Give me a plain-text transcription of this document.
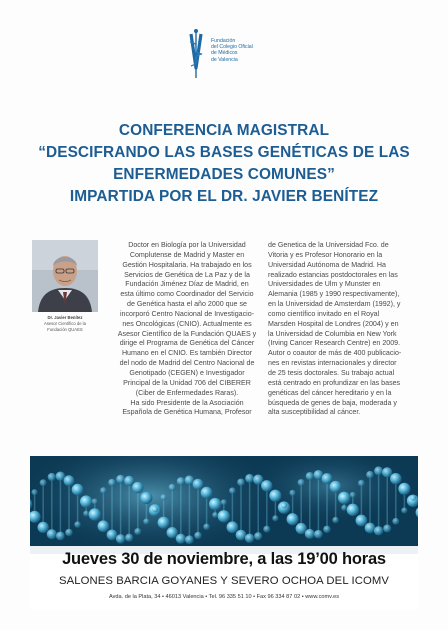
Fundación
del Colegio Oficial
de Médicos
de Valencia
CONFERENCIA MAGISTRAL
“DESCIFRANDO LAS BASES GENÉTICAS DE LAS
ENFERMEDADES COMUNES”
IMPARTIDA POR EL DR. JAVIER BENÍTEZ
Dr. Javier Benítez
Asesor Científico de la
Fundación QUAES
Doctor en Biología por la Universidad
Complutense de Madrid y Master en
Gestión Hospitalaria. Ha trabajado en los
Servicios de Genética de La Paz y de la
Fundación Jiménez Díaz de Madrid, en
esta último como Coordinador del Servicio
de Genética hasta el año 2000 que se
incorporó Centro Nacional de Investigacio-
nes Oncológicas (CNIO). Actualmente es
Asesor Científico de la Fundación QUAES y
dirige el Programa de Genética del Cáncer
Humano en el CNIO. Es también Director
del nodo de Madrid del Centro Nacional de
Genotipado (CEGEN) e Investigador
Principal de la Unidad 706 del CIBERER
(Ciber de Enfermedades Raras).
Ha sido Presidente de la Asociación
Española de Genética Humana, Profesor
de Genetica de la Universidad Fco. de
Vitoria y es Profesor Honorario en la
Universidad Autónoma de Madrid. Ha
realizado estancias postdoctorales en las
Universidades de Ulm y Munster en
Alemania (1985 y 1990 respectivamente),
en la Universidad de Amsterdam (1992), y
como científico invitado en el Royal
Marsden Hospital de Londres (2004) y en
la Universidad de Columbia en New York
(Irving Cancer Research Centre) en 2009.
Autor o coautor de más de 400 publicacio-
nes en revistas internacionales y director
de 25 tesis doctorales. Su trabajo actual
está centrado en profundizar en las bases
genéticas del cáncer hereditario y en la
búsqueda de genes de baja, moderada y
alta susceptibilidad al cáncer.
Jueves 30 de noviembre, a las 19’00 horas
SALONES BARCIA GOYANES Y SEVERO OCHOA DEL ICOMV
Avda. de la Plata, 34 • 46013 Valencia • Tel. 96 335 51 10 • Fax 96 334 87 02 • www.comv.es
